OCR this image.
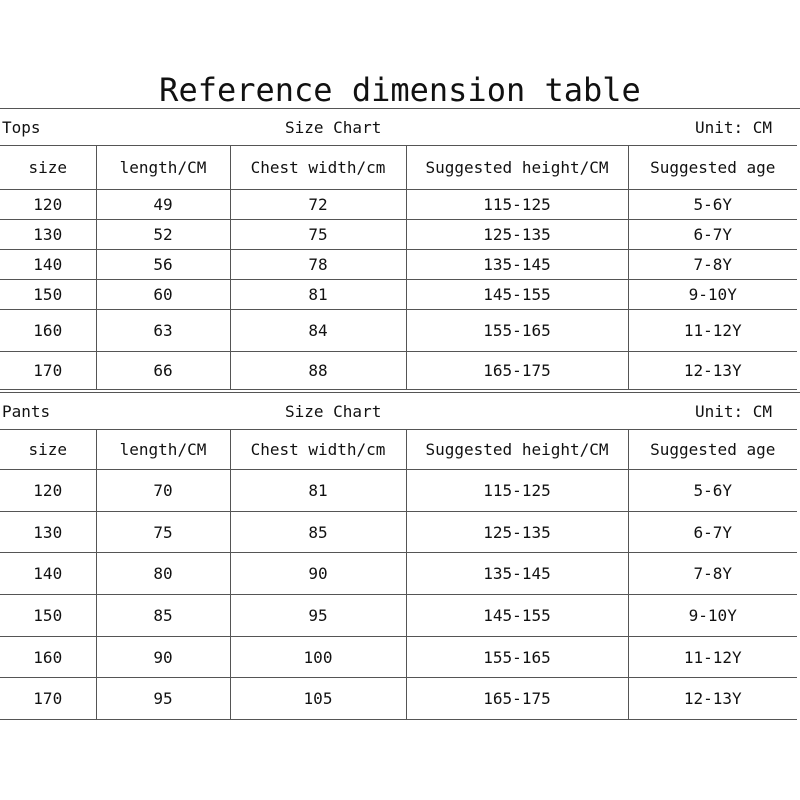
Reference dimension table
Tops	Size Chart	Unit: CM
size	length/CM	Chest width/cm	Suggested height/CM	Suggested age
120	49	72	115-125	5-6Y
130	52	75	125-135	6-7Y
140	56	78	135-145	7-8Y
150	60	81	145-155	9-10Y
160	63	84	155-165	11-12Y
170	66	88	165-175	12-13Y
Pants	Size Chart	Unit: CM
size	length/CM	Chest width/cm	Suggested height/CM	Suggested age
120	70	81	115-125	5-6Y
130	75	85	125-135	6-7Y
140	80	90	135-145	7-8Y
150	85	95	145-155	9-10Y
160	90	100	155-165	11-12Y
170	95	105	165-175	12-13Y
